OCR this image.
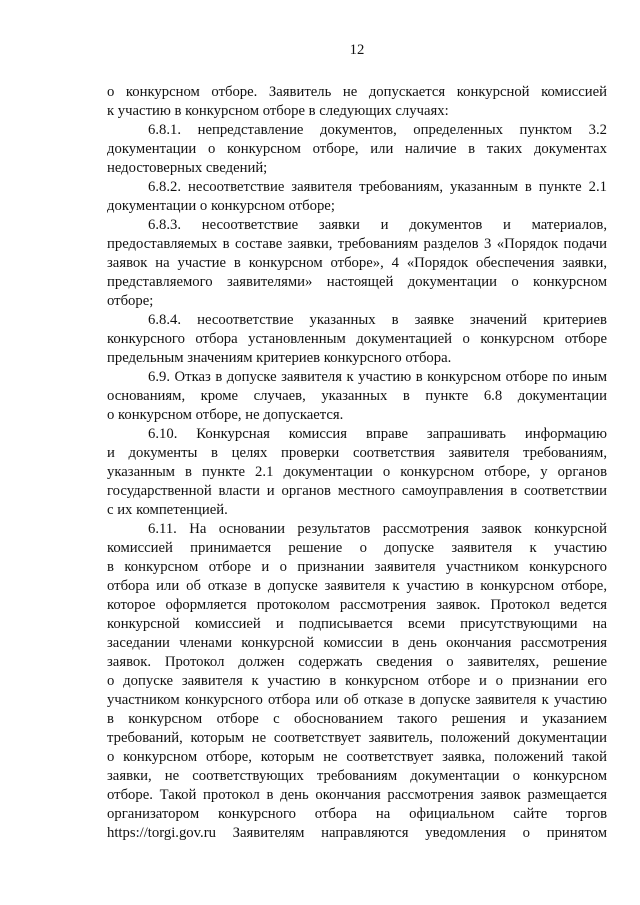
12
о конкурсном отборе. Заявитель не допускается конкурсной комиссией
к участию в конкурсном отборе в следующих случаях:
6.8.1. непредставление документов, определенных пунктом 3.2
документации о конкурсном отборе, или наличие в таких документах
недостоверных сведений;
6.8.2. несоответствие заявителя требованиям, указанным в пункте 2.1
документации о конкурсном отборе;
6.8.3. несоответствие заявки и документов и материалов,
предоставляемых в составе заявки, требованиям разделов 3 «Порядок подачи
заявок на участие в конкурсном отборе», 4 «Порядок обеспечения заявки,
представляемого заявителями» настоящей документации о конкурсном
отборе;
6.8.4. несоответствие указанных в заявке значений критериев
конкурсного отбора установленным документацией о конкурсном отборе
предельным значениям критериев конкурсного отбора.
6.9. Отказ в допуске заявителя к участию в конкурсном отборе по иным
основаниям, кроме случаев, указанных в пункте 6.8 документации
о конкурсном отборе, не допускается.
6.10. Конкурсная комиссия вправе запрашивать информацию
и документы в целях проверки соответствия заявителя требованиям,
указанным в пункте 2.1 документации о конкурсном отборе, у органов
государственной власти и органов местного самоуправления в соответствии
с их компетенцией.
6.11. На основании результатов рассмотрения заявок конкурсной
комиссией принимается решение о допуске заявителя к участию
в конкурсном отборе и о признании заявителя участником конкурсного
отбора или об отказе в допуске заявителя к участию в конкурсном отборе,
которое оформляется протоколом рассмотрения заявок. Протокол ведется
конкурсной комиссией и подписывается всеми присутствующими на
заседании членами конкурсной комиссии в день окончания рассмотрения
заявок. Протокол должен содержать сведения о заявителях, решение
о допуске заявителя к участию в конкурсном отборе и о признании его
участником конкурсного отбора или об отказе в допуске заявителя к участию
в конкурсном отборе с обоснованием такого решения и указанием
требований, которым не соответствует заявитель, положений документации
о конкурсном отборе, которым не соответствует заявка, положений такой
заявки, не соответствующих требованиям документации о конкурсном
отборе. Такой протокол в день окончания рассмотрения заявок размещается
организатором конкурсного отбора на официальном сайте торгов
https://torgi.gov.ru Заявителям направляются уведомления о принятом
